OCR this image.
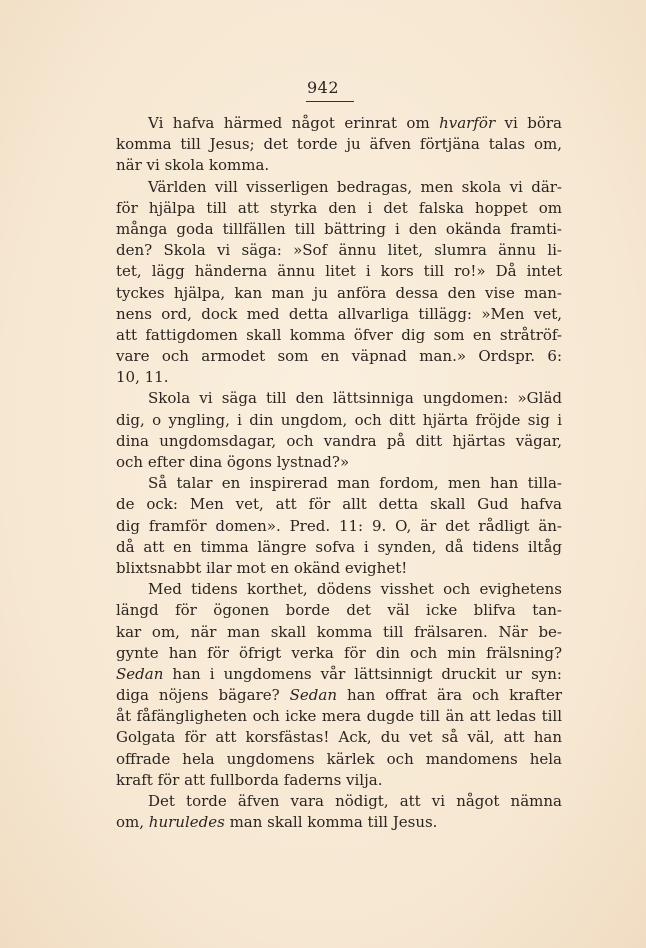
942
Vi hafva härmed något erinrat om hvarför vi böra
komma till Jesus; det torde ju äfven förtjäna talas om,
när vi skola komma.
Världen vill visserligen bedragas, men skola vi där-
för hjälpa till att styrka den i det falska hoppet om
många goda tillfällen till bättring i den okända framti-
den? Skola vi säga: »Sof ännu litet, slumra ännu li-
tet, lägg händerna ännu litet i kors till ro!» Då intet
tyckes hjälpa, kan man ju anföra dessa den vise man-
nens ord, dock med detta allvarliga tillägg: »Men vet,
att fattigdomen skall komma öfver dig som en stråtröf-
vare och armodet som en väpnad man.» Ordspr. 6:
10, 11.
Skola vi säga till den lättsinniga ungdomen: »Gläd
dig, o yngling, i din ungdom, och ditt hjärta fröjde sig i
dina ungdomsdagar, och vandra på ditt hjärtas vägar,
och efter dina ögons lystnad?»
Så talar en inspirerad man fordom, men han tilla-
de ock: Men vet, att för allt detta skall Gud hafva
dig framför domen». Pred. 11: 9. O, är det rådligt än-
då att en timma längre sofva i synden, då tidens iltåg
blixtsnabbt ilar mot en okänd evighet!
Med tidens korthet, dödens visshet och evighetens
längd för ögonen borde det väl icke blifva tan-
kar om, när man skall komma till frälsaren. När be-
gynte han för öfrigt verka för din och min frälsning?
Sedan han i ungdomens vår lättsinnigt druckit ur syn:
diga nöjens bägare? Sedan han offrat ära och krafter
åt fåfängligheten och icke mera dugde till än att ledas till
Golgata för att korsfästas! Ack, du vet så väl, att han
offrade hela ungdomens kärlek och mandomens hela
kraft för att fullborda faderns vilja.
Det torde äfven vara nödigt, att vi något nämna
om, huruledes man skall komma till Jesus.
